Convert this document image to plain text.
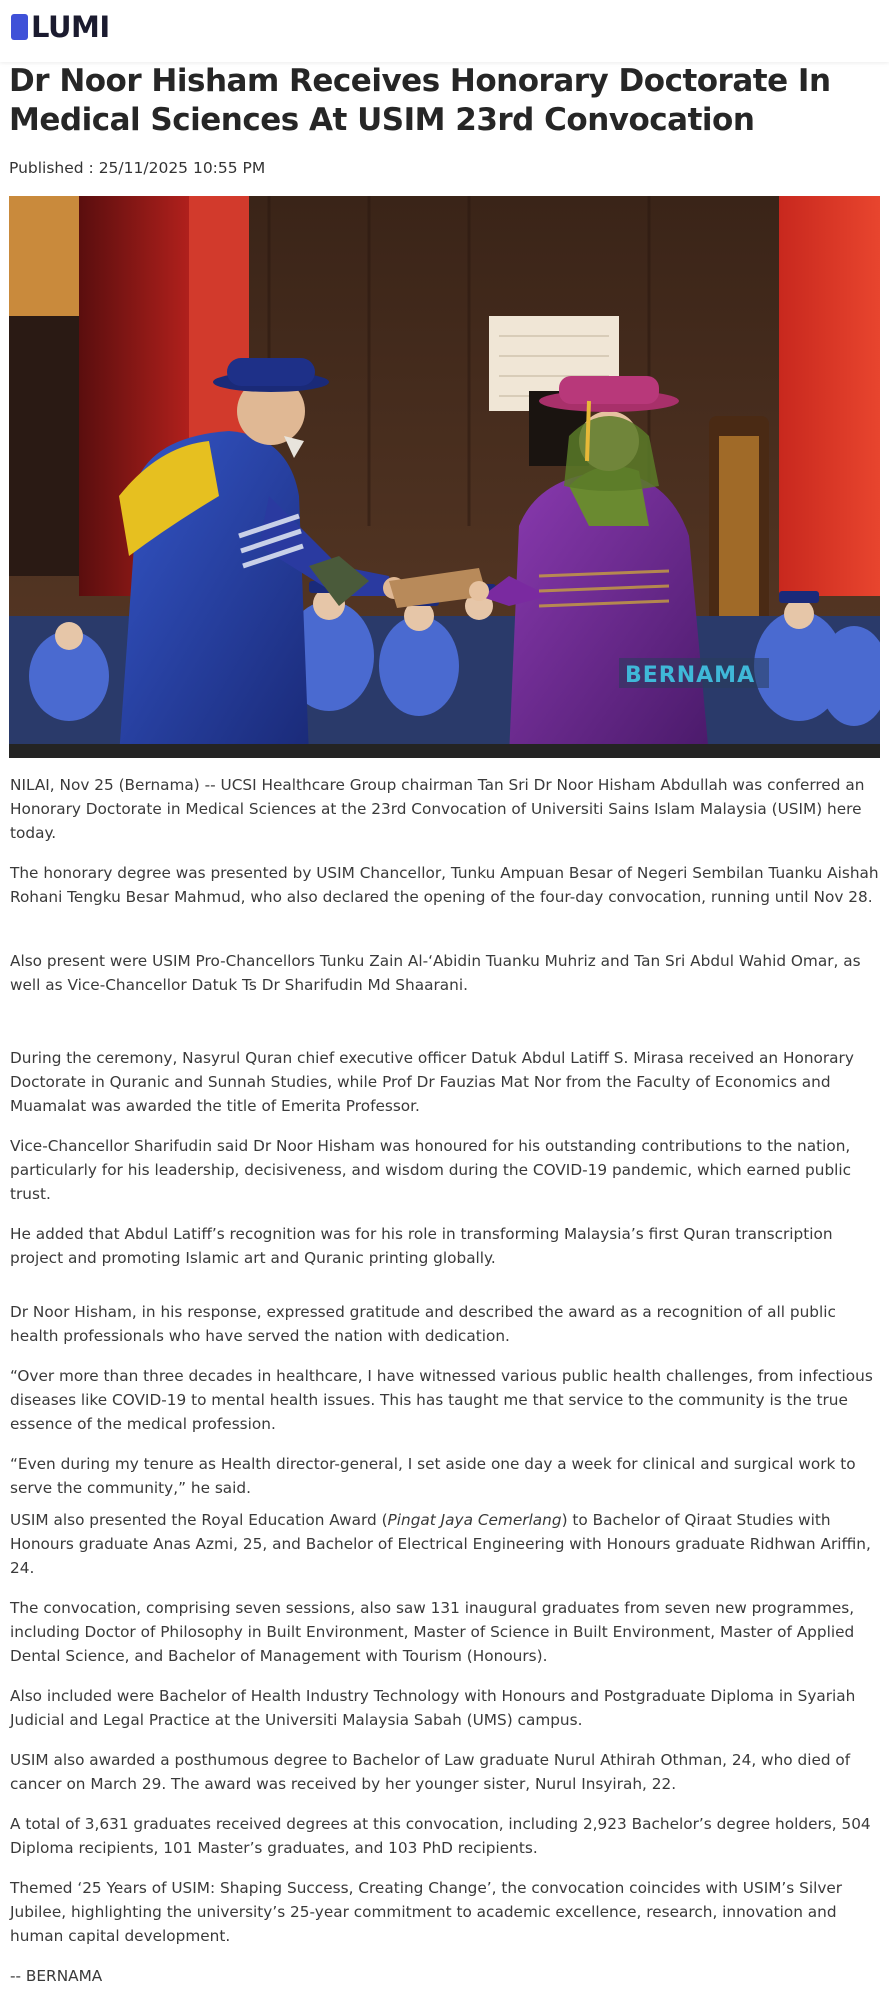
LUMI
Dr Noor Hisham Receives Honorary Doctorate In Medical Sciences At USIM 23rd Convocation
Published : 25/11/2025 10:55 PM
BERNAMA

NILAI, Nov 25 (Bernama) -- UCSI Healthcare Group chairman Tan Sri Dr Noor Hisham Abdullah was conferred an Honorary Doctorate in Medical Sciences at the 23rd Convocation of Universiti Sains Islam Malaysia (USIM) here today.

The honorary degree was presented by USIM Chancellor, Tunku Ampuan Besar of Negeri Sembilan Tuanku Aishah Rohani Tengku Besar Mahmud, who also declared the opening of the four-day convocation, running until Nov 28.

Also present were USIM Pro-Chancellors Tunku Zain Al-‘Abidin Tuanku Muhriz and Tan Sri Abdul Wahid Omar, as well as Vice-Chancellor Datuk Ts Dr Sharifudin Md Shaarani.

During the ceremony, Nasyrul Quran chief executive officer Datuk Abdul Latiff S. Mirasa received an Honorary Doctorate in Quranic and Sunnah Studies, while Prof Dr Fauzias Mat Nor from the Faculty of Economics and Muamalat was awarded the title of Emerita Professor.

Vice-Chancellor Sharifudin said Dr Noor Hisham was honoured for his outstanding contributions to the nation, particularly for his leadership, decisiveness, and wisdom during the COVID-19 pandemic, which earned public trust.

He added that Abdul Latiff’s recognition was for his role in transforming Malaysia’s first Quran transcription project and promoting Islamic art and Quranic printing globally.

Dr Noor Hisham, in his response, expressed gratitude and described the award as a recognition of all public health professionals who have served the nation with dedication.

“Over more than three decades in healthcare, I have witnessed various public health challenges, from infectious diseases like COVID-19 to mental health issues. This has taught me that service to the community is the true essence of the medical profession.

“Even during my tenure as Health director-general, I set aside one day a week for clinical and surgical work to serve the community,” he said.

USIM also presented the Royal Education Award (Pingat Jaya Cemerlang) to Bachelor of Qiraat Studies with Honours graduate Anas Azmi, 25, and Bachelor of Electrical Engineering with Honours graduate Ridhwan Ariffin, 24.

The convocation, comprising seven sessions, also saw 131 inaugural graduates from seven new programmes, including Doctor of Philosophy in Built Environment, Master of Science in Built Environment, Master of Applied Dental Science, and Bachelor of Management with Tourism (Honours).

Also included were Bachelor of Health Industry Technology with Honours and Postgraduate Diploma in Syariah Judicial and Legal Practice at the Universiti Malaysia Sabah (UMS) campus.

USIM also awarded a posthumous degree to Bachelor of Law graduate Nurul Athirah Othman, 24, who died of cancer on March 29. The award was received by her younger sister, Nurul Insyirah, 22.

A total of 3,631 graduates received degrees at this convocation, including 2,923 Bachelor’s degree holders, 504 Diploma recipients, 101 Master’s graduates, and 103 PhD recipients.

Themed ‘25 Years of USIM: Shaping Success, Creating Change’, the convocation coincides with USIM’s Silver Jubilee, highlighting the university’s 25-year commitment to academic excellence, research, innovation and human capital development.

-- BERNAMA
